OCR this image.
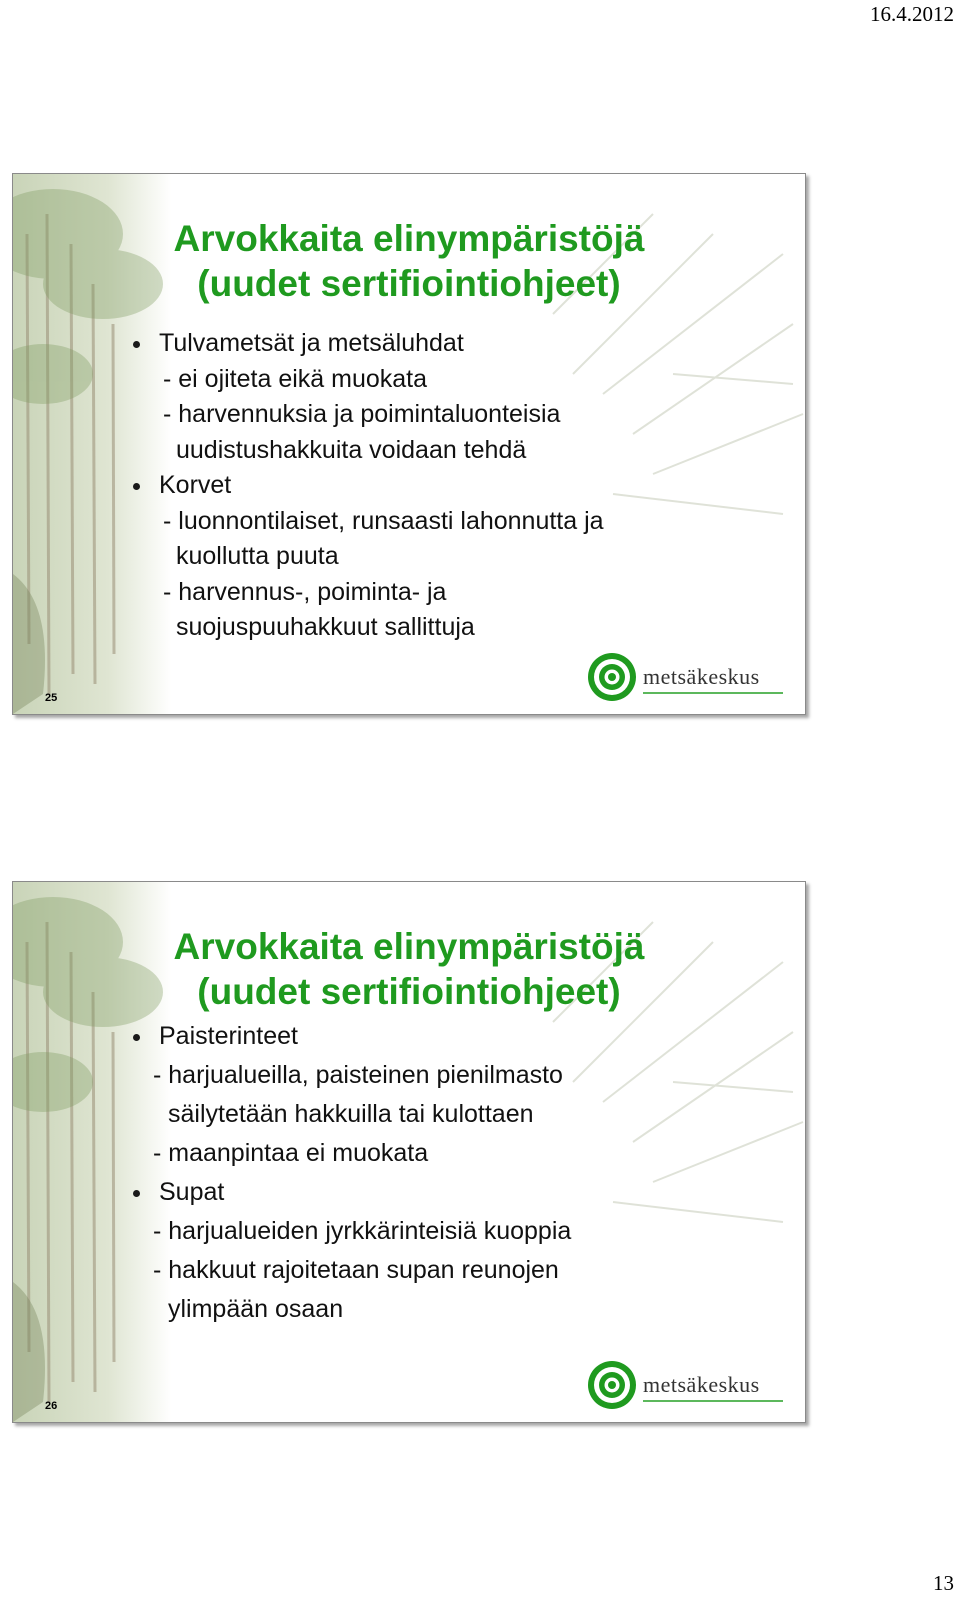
16.4.2012
Arvokkaita elinympäristöjä
(uudet sertifiointiohjeet)
Tulvametsät ja metsäluhdat
- ei ojiteta eikä muokata
- harvennuksia ja poimintaluonteisia
uudistushakkuita voidaan tehdä
Korvet
- luonnontilaiset, runsaasti lahonnutta ja
kuollutta puuta
- harvennus-, poiminta- ja
suojuspuuhakkuut sallittuja
25
metsäkeskus
Arvokkaita elinympäristöjä
(uudet sertifiointiohjeet)
Paisterinteet
- harjualueilla, paisteinen pienilmasto
säilytetään hakkuilla tai kulottaen
- maanpintaa ei muokata
Supat
- harjualueiden jyrkkärinteisiä kuoppia
- hakkuut rajoitetaan supan reunojen
ylimpään osaan
26
metsäkeskus
13
